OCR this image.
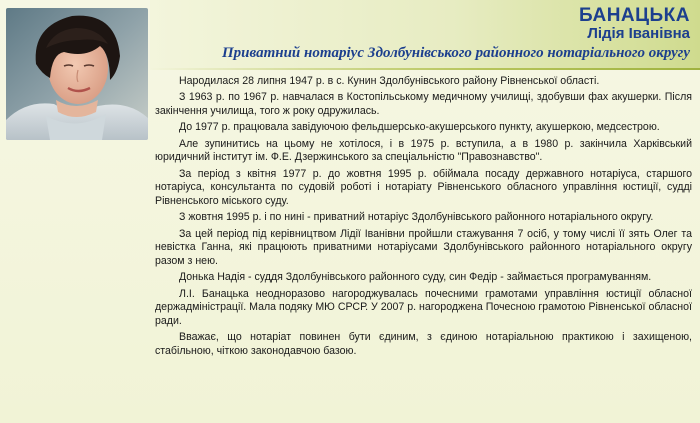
БАНАЦЬКА
Лідія Іванівна
Приватний нотаріус Здолбунівського районного нотаріального округу

Народилася 28 липня 1947 р. в с. Кунин Здолбунівського району Рівненської області.

З 1963 р. по 1967 р. навчалася в Костопільському медичному училищі, здобувши фах акушерки. Після закінчення училища, того ж року одружилась.

До 1977 р. працювала завідуючою фельдшерсько-акушерського пункту, акушеркою, медсестрою.

Але зупинитись на цьому не хотілося, і в 1975 р. вступила, а в 1980 р. закінчила Харківський юридичний інститут ім. Ф.Е. Дзержинського за спеціальністю "Правознавство".

За період з квітня 1977 р. до жовтня 1995 р. обіймала посаду державного нотаріуса, старшого нотаріуса, консультанта по судовій роботі і нотаріату Рівненського обласного управління юстиції, судді Рівненського міського суду.

З жовтня 1995 р. і по нині - приватний нотаріус Здолбунівського районного нотаріального округу.

За цей період під керівництвом Лідії Іванівни пройшли стажування 7 осіб, у тому числі її зять Олег та невістка Ганна, які працюють приватними нотаріусами Здолбунівського районного нотаріального округу разом з нею.

Донька Надія - суддя Здолбунівського районного суду, син Федір - займається програмуванням.

Л.І. Банацька неодноразово нагороджувалась почесними грамотами управління юстиції обласної держадміністрації. Мала подяку МЮ СРСР. У 2007 р. нагороджена Почесною грамотою Рівненської обласної ради.

Вважає, що нотаріат повинен бути єдиним, з єдиною нотаріальною практикою і захищеною, стабільною, чіткою законодавчою базою.
